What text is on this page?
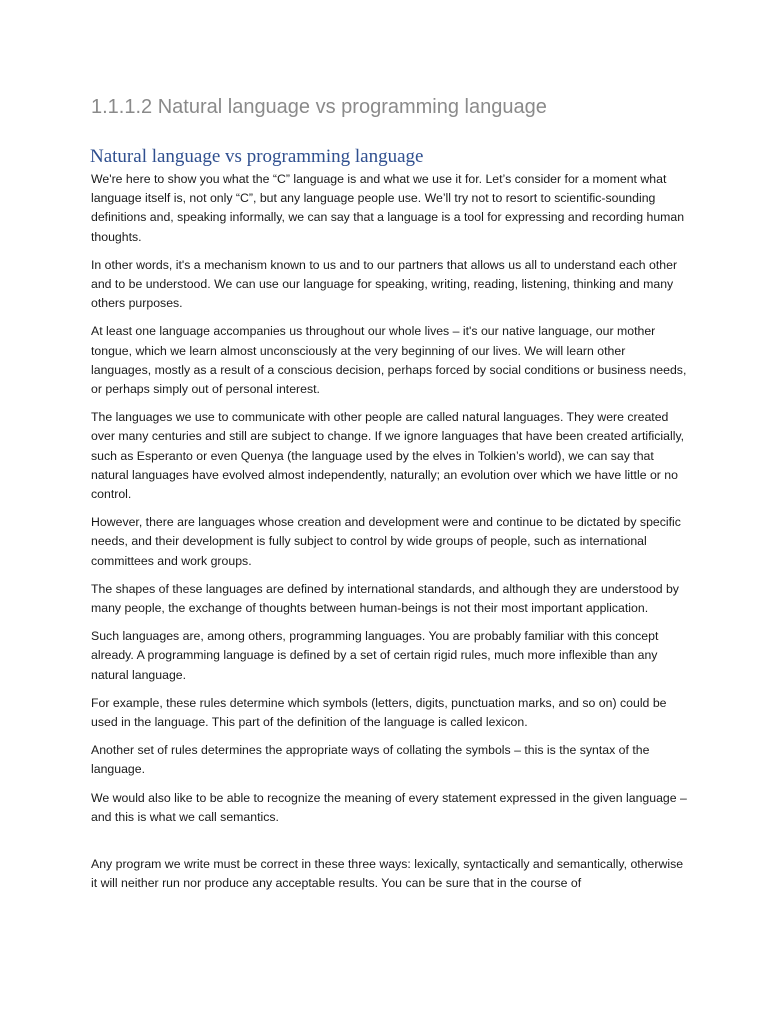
1.1.1.2 Natural language vs programming language
Natural language vs programming language

We're here to show you what the “C” language is and what we use it for. Let’s consider for a moment what language itself is, not only “C”, but any language people use. We’ll try not to resort to scientific-sounding definitions and, speaking informally, we can say that a language is a tool for expressing and recording human thoughts.

In other words, it's a mechanism known to us and to our partners that allows us all to understand each other and to be understood. We can use our language for speaking, writing, reading, listening, thinking and many others purposes.

At least one language accompanies us throughout our whole lives – it's our native language, our mother tongue, which we learn almost unconsciously at the very beginning of our lives. We will learn other languages, mostly as a result of a conscious decision, perhaps forced by social conditions or business needs, or perhaps simply out of personal interest.

The languages we use to communicate with other people are called natural languages. They were created over many centuries and still are subject to change. If we ignore languages that have been created artificially, such as Esperanto or even Quenya (the language used by the elves in Tolkien’s world), we can say that natural languages have evolved almost independently, naturally; an evolution over which we have little or no control.

However, there are languages whose creation and development were and continue to be dictated by specific needs, and their development is fully subject to control by wide groups of people, such as international committees and work groups.

The shapes of these languages are defined by international standards, and although they are understood by many people, the exchange of thoughts between human-beings is not their most important application.

Such languages are, among others, programming languages. You are probably familiar with this concept already. A programming language is defined by a set of certain rigid rules, much more inflexible than any natural language.

For example, these rules determine which symbols (letters, digits, punctuation marks, and so on) could be used in the language. This part of the definition of the language is called lexicon.

Another set of rules determines the appropriate ways of collating the symbols – this is the syntax of the language.

We would also like to be able to recognize the meaning of every statement expressed in the given language – and this is what we call semantics.

Any program we write must be correct in these three ways: lexically, syntactically and semantically, otherwise it will neither run nor produce any acceptable results. You can be sure that in the course of
